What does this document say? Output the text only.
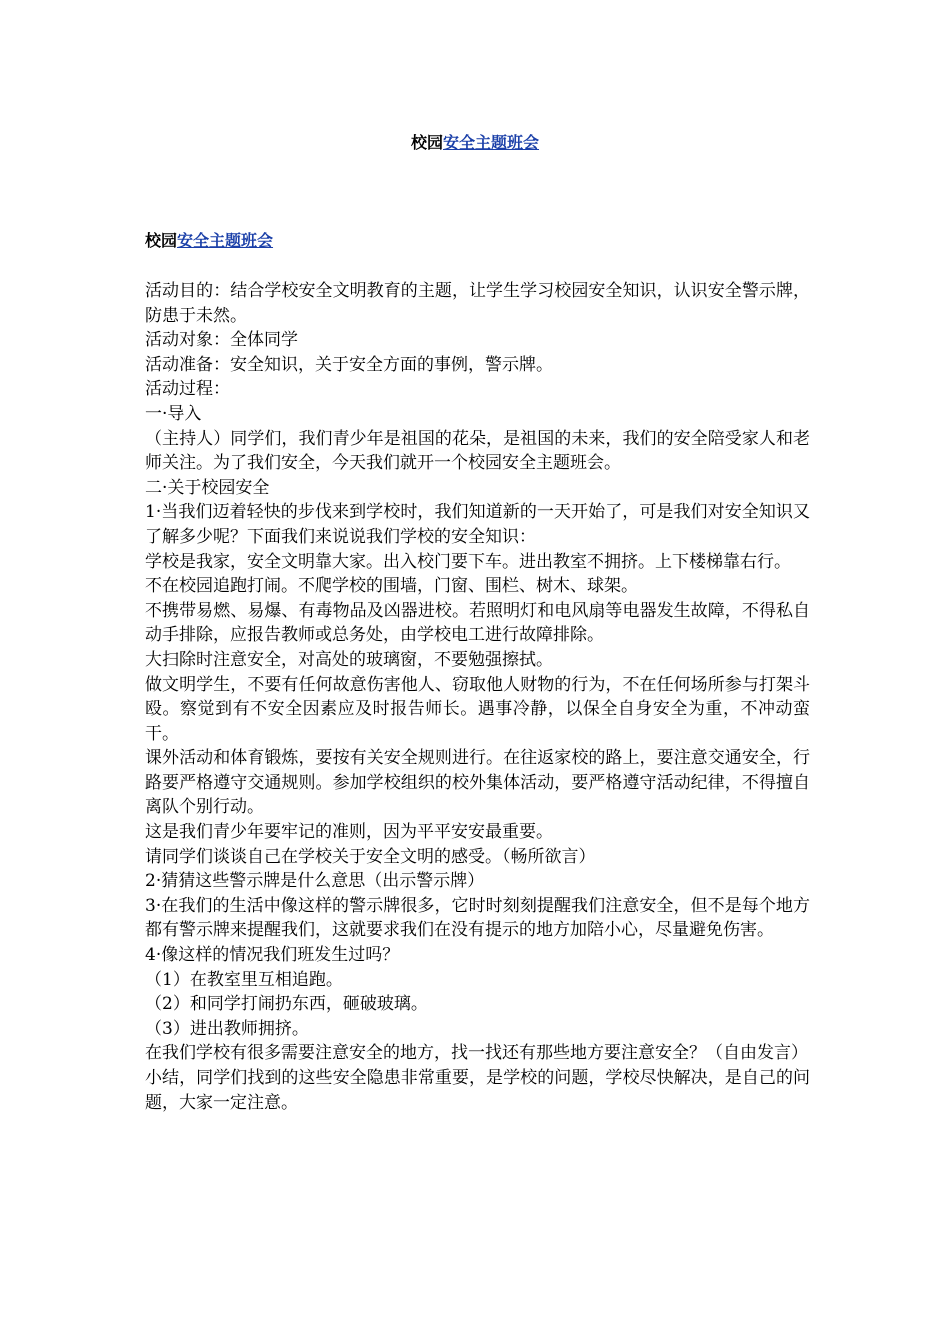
校园安全主题班会
校园安全主题班会

活动目的：结合学校安全文明教育的主题，让学生学习校园安全知识，认识安全警示牌，防患于未然。

活动对象：全体同学

活动准备：安全知识，关于安全方面的事例，警示牌。

活动过程：

一·导入

（主持人）同学们，我们青少年是祖国的花朵，是祖国的未来，我们的安全陪受家人和老师关注。为了我们安全，今天我们就开一个校园安全主题班会。

二·关于校园安全

1·当我们迈着轻快的步伐来到学校时，我们知道新的一天开始了，可是我们对安全知识又了解多少呢？下面我们来说说我们学校的安全知识：

学校是我家，安全文明靠大家。出入校门要下车。进出教室不拥挤。上下楼梯靠右行。

不在校园追跑打闹。不爬学校的围墙，门窗、围栏、树木、球架。

不携带易燃、易爆、有毒物品及凶器进校。若照明灯和电风扇等电器发生故障，不得私自动手排除，应报告教师或总务处，由学校电工进行故障排除。

大扫除时注意安全，对高处的玻璃窗，不要勉强擦拭。

做文明学生，不要有任何故意伤害他人、窃取他人财物的行为，不在任何场所参与打架斗殴。察觉到有不安全因素应及时报告师长。遇事冷静，以保全自身安全为重，不冲动蛮干。

课外活动和体育锻炼，要按有关安全规则进行。在往返家校的路上，要注意交通安全，行路要严格遵守交通规则。参加学校组织的校外集体活动，要严格遵守活动纪律，不得擅自离队个别行动。

这是我们青少年要牢记的准则，因为平平安安最重要。

请同学们谈谈自己在学校关于安全文明的感受。（畅所欲言）

2·猜猜这些警示牌是什么意思（出示警示牌）

3·在我们的生活中像这样的警示牌很多，它时时刻刻提醒我们注意安全，但不是每个地方都有警示牌来提醒我们，这就要求我们在没有提示的地方加陪小心，尽量避免伤害。

4·像这样的情况我们班发生过吗？

（1）在教室里互相追跑。

（2）和同学打闹扔东西，砸破玻璃。

（3）进出教师拥挤。

在我们学校有很多需要注意安全的地方，找一找还有那些地方要注意安全？（自由发言）

小结，同学们找到的这些安全隐患非常重要，是学校的问题，学校尽快解决，是自己的问题，大家一定注意。
